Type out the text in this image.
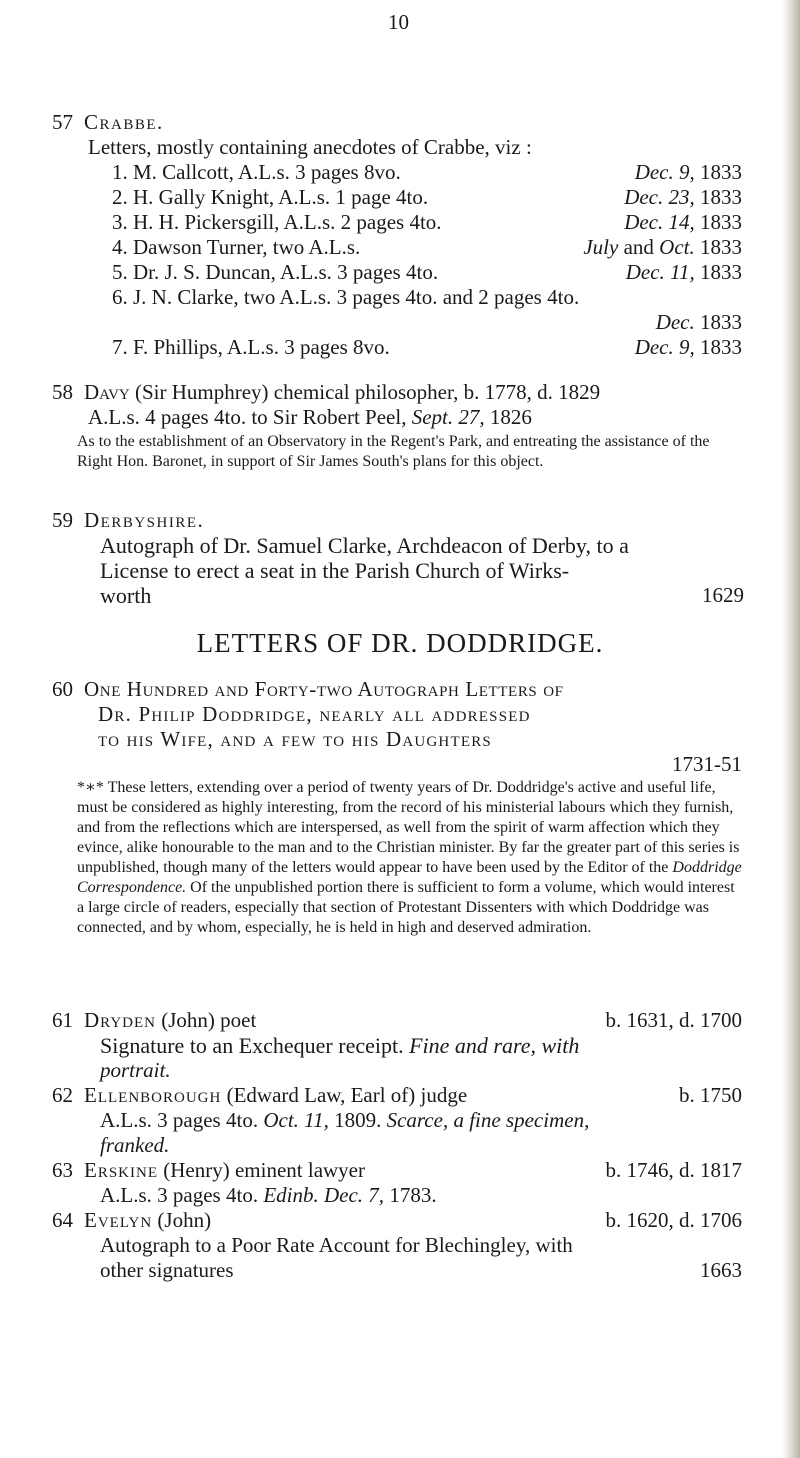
10
57 Crabbe.
Letters, mostly containing anecdotes of Crabbe, viz :
1. M. Callcott, A.L.s. 3 pages 8vo.	Dec. 9, 1833
2. H. Gally Knight, A.L.s. 1 page 4to.	Dec. 23, 1833
3. H. H. Pickersgill, A.L.s. 2 pages 4to.	Dec. 14, 1833
4. Dawson Turner, two A.L.s.	July and Oct. 1833
5. Dr. J. S. Duncan, A.L.s. 3 pages 4to.	Dec. 11, 1833
6. J. N. Clarke, two A.L.s. 3 pages 4to. and 2 pages 4to.
Dec. 1833
7. F. Phillips, A.L.s. 3 pages 8vo.	Dec. 9, 1833
58 Davy (Sir Humphrey) chemical philosopher, b. 1778, d. 1829
A.L.s. 4 pages 4to. to Sir Robert Peel, Sept. 27, 1826
As to the establishment of an Observatory in the Regent's Park, and entreating the assistance of the Right Hon. Baronet, in support of Sir James South's plans for this object.
59 Derbyshire.
Autograph of Dr. Samuel Clarke, Archdeacon of Derby, to a
License to erect a seat in the Parish Church of Wirks-
worth	1629
LETTERS OF DR. DODDRIDGE.
60 One Hundred and Forty-two Autograph Letters of
Dr. Philip Doddridge, nearly all addressed
to his Wife, and a few to his Daughters
1731-51

*∗* These letters, extending over a period of twenty years of Dr. Doddridge's active and useful life, must be considered as highly interesting, from the record of his ministerial labours which they furnish, and from the reflections which are interspersed, as well from the spirit of warm affection which they evince, alike honourable to the man and to the Christian minister. By far the greater part of this series is unpublished, though many of the letters would appear to have been used by the Editor of the Doddridge Correspondence. Of the unpublished portion there is sufficient to form a volume, which would interest a large circle of readers, especially that section of Protestant Dissenters with which Doddridge was connected, and by whom, especially, he is held in high and deserved admiration.

61 Dryden (John) poet	b. 1631, d. 1700
Signature to an Exchequer receipt. Fine and rare, with
portrait.
62 Ellenborough (Edward Law, Earl of) judge	b. 1750
A.L.s. 3 pages 4to. Oct. 11, 1809. Scarce, a fine specimen,
franked.
63 Erskine (Henry) eminent lawyer	b. 1746, d. 1817
A.L.s. 3 pages 4to. Edinb. Dec. 7, 1783.
64 Evelyn (John)	b. 1620, d. 1706
Autograph to a Poor Rate Account for Blechingley, with
other signatures	1663
